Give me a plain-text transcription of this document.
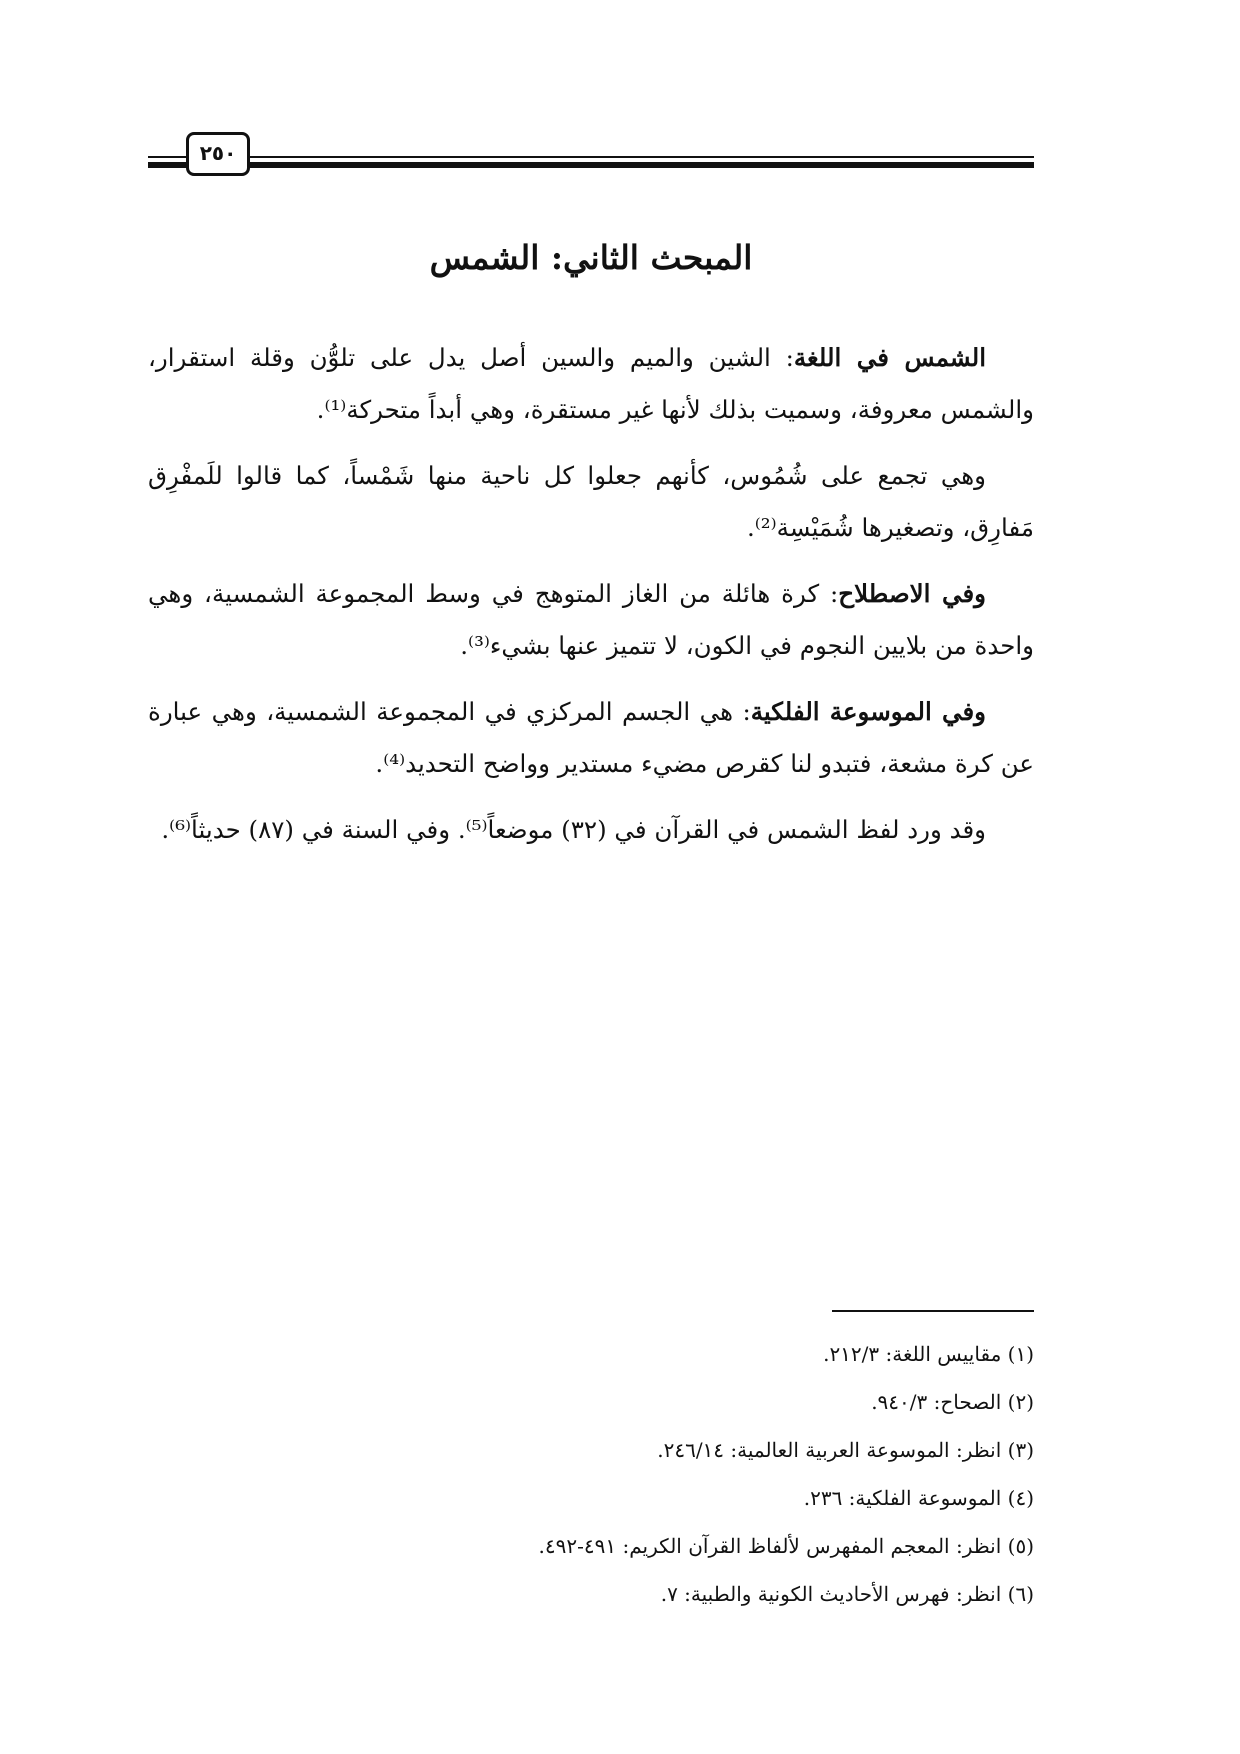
٢٥٠
المبحث الثاني: الشمس

الشمس في اللغة: الشين والميم والسين أصل يدل على تلوُّن وقلة استقرار، والشمس معروفة، وسميت بذلك لأنها غير مستقرة، وهي أبداً متحركة⁽¹⁾.

وهي تجمع على شُمُوس، كأنهم جعلوا كل ناحية منها شَمْساً، كما قالوا للَمفْرِق مَفارِق، وتصغيرها شُمَيْسِة⁽²⁾.

وفي الاصطلاح: كرة هائلة من الغاز المتوهج في وسط المجموعة الشمسية، وهي واحدة من بلايين النجوم في الكون، لا تتميز عنها بشيء⁽³⁾.

وفي الموسوعة الفلكية: هي الجسم المركزي في المجموعة الشمسية، وهي عبارة عن كرة مشعة، فتبدو لنا كقرص مضيء مستدير وواضح التحديد⁽⁴⁾.

وقد ورد لفظ الشمس في القرآن في (٣٢) موضعاً⁽⁵⁾. وفي السنة في (٨٧) حديثاً⁽⁶⁾.

(١) مقاييس اللغة: ٢١٢/٣.

(٢) الصحاح: ٩٤٠/٣.

(٣) انظر: الموسوعة العربية العالمية: ٢٤٦/١٤.

(٤) الموسوعة الفلكية: ٢٣٦.

(٥) انظر: المعجم المفهرس لألفاظ القرآن الكريم: ٤٩١-٤٩٢.

(٦) انظر: فهرس الأحاديث الكونية والطبية: ٧.
